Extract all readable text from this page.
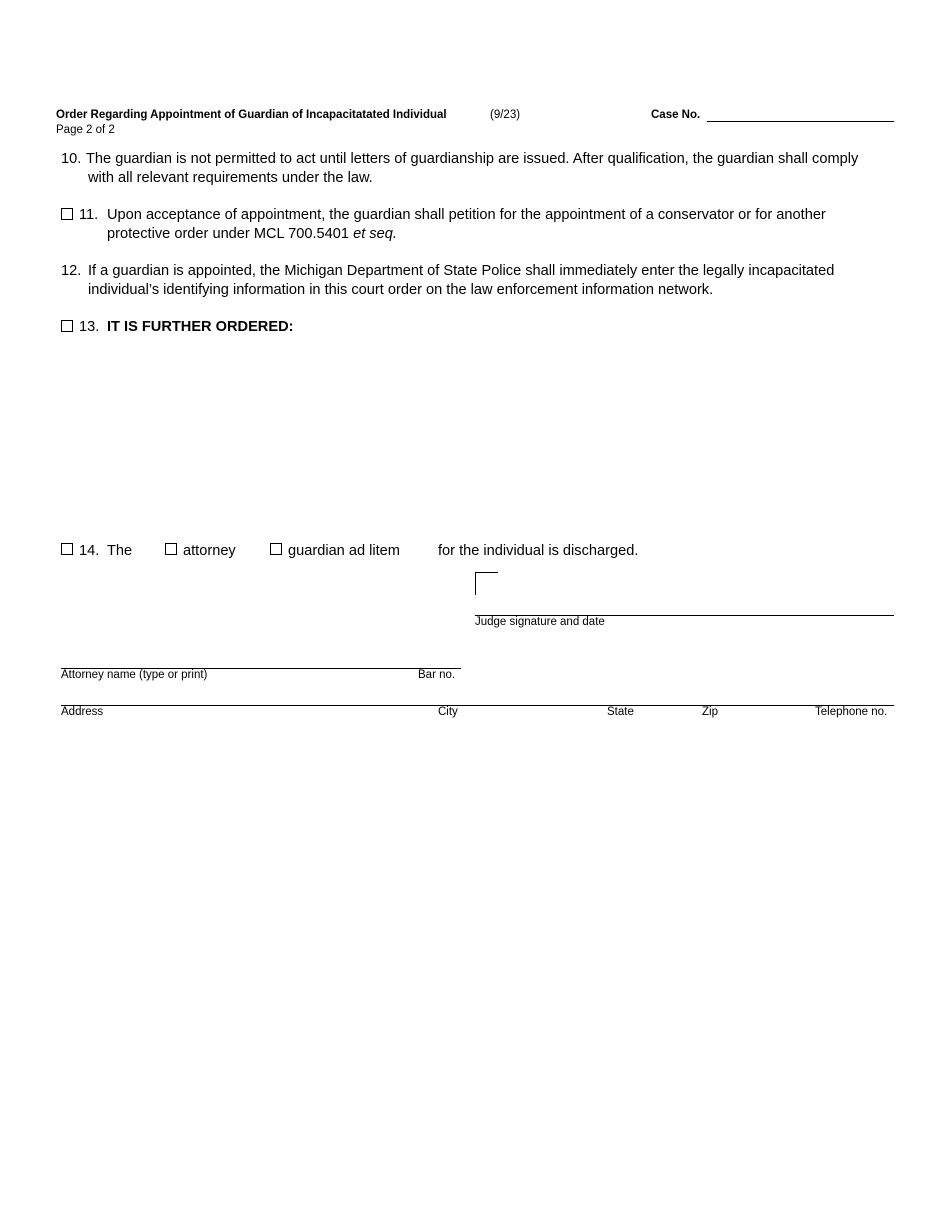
Order Regarding Appointment of Guardian of Incapacitatated Individual	(9/23)
Page 2 of 2
Case No.
10. The guardian is not permitted to act until letters of guardianship are issued. After qualification, the guardian shall comply
with all relevant requirements under the law.
11. Upon acceptance of appointment, the guardian shall petition for the appointment of a conservator or for another
protective order under MCL 700.5401 et seq.
12. If a guardian is appointed, the Michigan Department of State Police shall immediately enter the legally incapacitated
individual’s identifying information in this court order on the law enforcement information network.
13. IT IS FURTHER ORDERED:
14. The	attorney	guardian ad litem	for the individual is discharged.
Judge signature and date
Attorney name (type or print)	Bar no.
Address	City	State	Zip	Telephone no.
